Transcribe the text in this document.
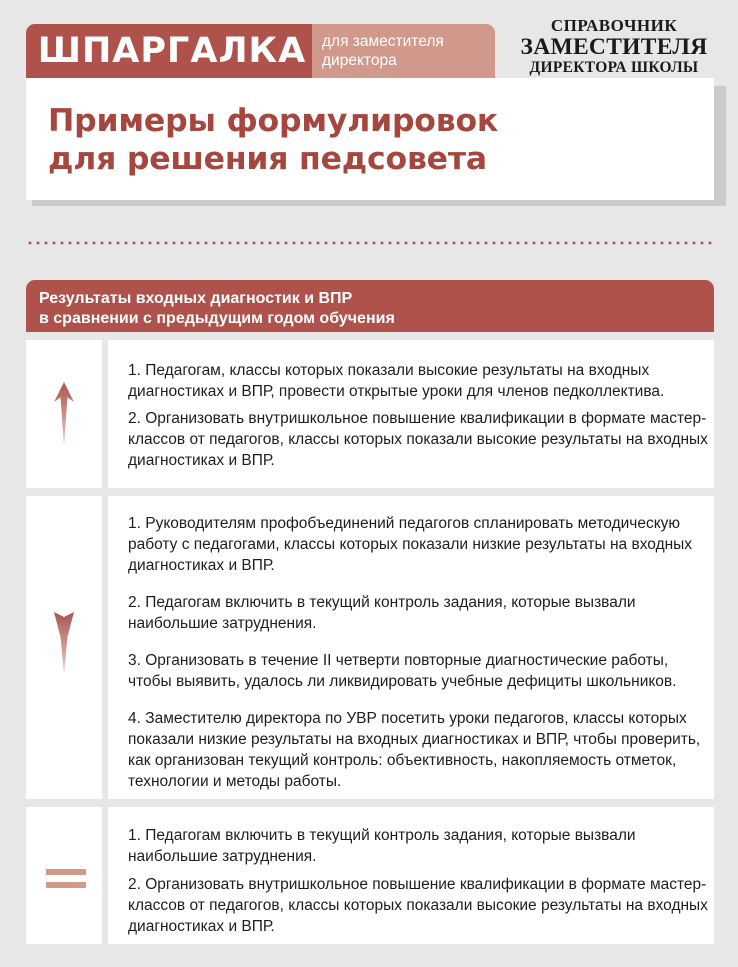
ШПАРГАЛКА	для заместителя
директора
СПРАВОЧНИК
ЗАМЕСТИТЕЛЯ
ДИРЕКТОРА ШКОЛЫ
Примеры формулировок
для решения педсовета
Результаты входных диагностик и ВПР
в сравнении с предыдущим годом обучения

1. Педагогам, классы которых показали высокие результаты на входных диагностиках и ВПР, провести открытые уроки для членов педколлектива.

2. Организовать внутришкольное повышение квалификации в формате мастер-классов от педагогов, классы которых показали высокие результаты на входных диагностиках и ВПР.

1. Руководителям профобъединений педагогов спланировать методическую работу с педагогами, классы которых показали низкие результаты на входных диагностиках и ВПР.

2. Педагогам включить в текущий контроль задания, которые вызвали наибольшие затруднения.

3. Организовать в течение II четверти повторные диагностические работы, чтобы выявить, удалось ли ликвидировать учебные дефициты школьников.

4. Заместителю директора по УВР посетить уроки педагогов, классы которых показали низкие результаты на входных диагностиках и ВПР, чтобы проверить, как организован текущий контроль: объективность, накопляемость отметок, технологии и методы работы.

1. Педагогам включить в текущий контроль задания, которые вызвали наибольшие затруднения.

2. Организовать внутришкольное повышение квалификации в формате мастер-классов от педагогов, классы которых показали высокие результаты на входных диагностиках и ВПР.
